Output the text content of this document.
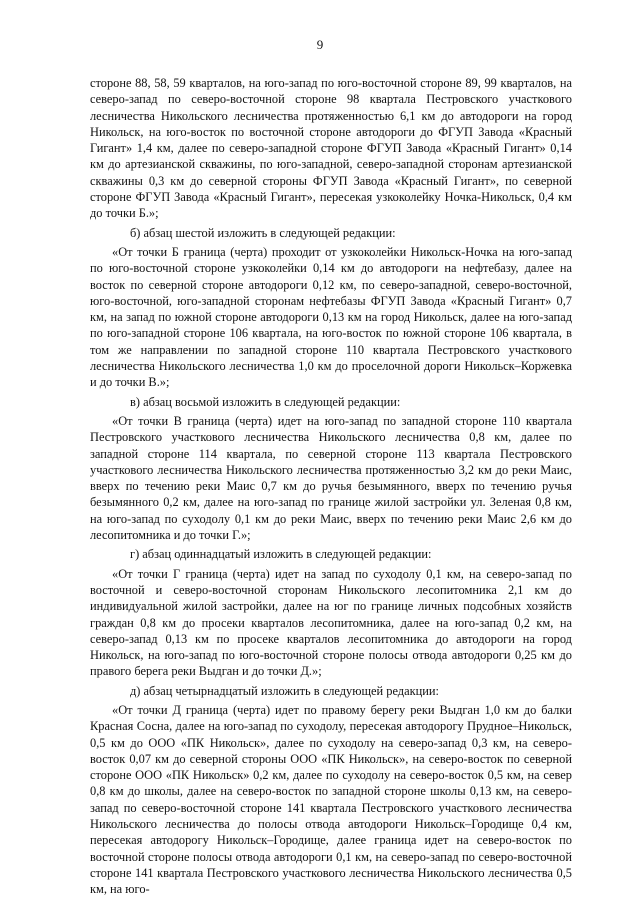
9

стороне 88, 58, 59 кварталов, на юго-запад по юго-восточной стороне 89, 99 кварталов, на северо-запад по северо-восточной стороне 98 квартала Пестровского участкового лесничества Никольского лесничества протяженностью 6,1 км до автодороги на город Никольск, на юго-восток по восточной стороне автодороги до ФГУП Завода «Красный Гигант» 1,4 км, далее по северо-западной стороне ФГУП Завода «Красный Гигант» 0,14 км до артезианской скважины, по юго-западной, северо-западной сторонам артезианской скважины 0,3 км до северной стороны ФГУП Завода «Красный Гигант», по северной стороне ФГУП Завода «Красный Гигант», пересекая узкоколейку Ночка-Никольск, 0,4 км до точки Б.»;

б) абзац шестой изложить в следующей редакции:

«От точки Б граница (черта) проходит от узкоколейки Никольск-Ночка на юго-запад по юго-восточной стороне узкоколейки 0,14 км до автодороги на нефтебазу, далее на восток по северной стороне автодороги 0,12 км, по северо-западной, северо-восточной, юго-восточной, юго-западной сторонам нефтебазы ФГУП Завода «Красный Гигант» 0,7 км, на запад по южной стороне автодороги 0,13 км на город Никольск, далее на юго-запад по юго-западной стороне 106 квартала, на юго-восток по южной стороне 106 квартала, в том же направлении по западной стороне 110 квартала Пестровского участкового лесничества Никольского лесничества 1,0 км до проселочной дороги Никольск–Коржевка и до точки В.»;

в) абзац восьмой изложить в следующей редакции:

«От точки В граница (черта) идет на юго-запад по западной стороне 110 квартала Пестровского участкового лесничества Никольского лесничества 0,8 км, далее по западной стороне 114 квартала, по северной стороне 113 квартала Пестровского участкового лесничества Никольского лесничества протяженностью 3,2 км до реки Маис, вверх по течению реки Маис 0,7 км до ручья безымянного, вверх по течению ручья безымянного 0,2 км, далее на юго-запад по границе жилой застройки ул. Зеленая 0,8 км, на юго-запад по суходолу 0,1 км до реки Маис, вверх по течению реки Маис 2,6 км до лесопитомника и до точки Г.»;

г) абзац одиннадцатый изложить в следующей редакции:

«От точки Г граница (черта) идет на запад по суходолу 0,1 км, на северо-запад по восточной и северо-восточной сторонам Никольского лесопитомника 2,1 км до индивидуальной жилой застройки, далее на юг по границе личных подсобных хозяйств граждан 0,8 км до просеки кварталов лесопитомника, далее на юго-запад 0,2 км, на северо-запад 0,13 км по просеке кварталов лесопитомника до автодороги на город Никольск, на юго-запад по юго-восточной стороне полосы отвода автодороги 0,25 км до правого берега реки Выдган и до точки Д.»;

д) абзац четырнадцатый изложить в следующей редакции:

«От точки Д граница (черта) идет по правому берегу реки Выдган 1,0 км до балки Красная Сосна, далее на юго-запад по суходолу, пересекая автодорогу Прудное–Никольск, 0,5 км до ООО «ПК Никольск», далее по суходолу на северо-запад 0,3 км, на северо-восток 0,07 км до северной стороны ООО «ПК Никольск», на северо-восток по северной стороне ООО «ПК Никольск» 0,2 км, далее по суходолу на северо-восток 0,5 км, на север 0,8 км до школы, далее на северо-восток по западной стороне школы 0,13 км, на северо-запад по северо-восточной стороне 141 квартала Пестровского участкового лесничества Никольского лесничества до полосы отвода автодороги Никольск–Городище 0,4 км, пересекая автодорогу Никольск–Городище, далее граница идет на северо-восток по восточной стороне полосы отвода автодороги 0,1 км, на северо-запад по северо-восточной стороне 141 квартала Пестровского участкового лесничества Никольского лесничества 0,5 км, на юго-
